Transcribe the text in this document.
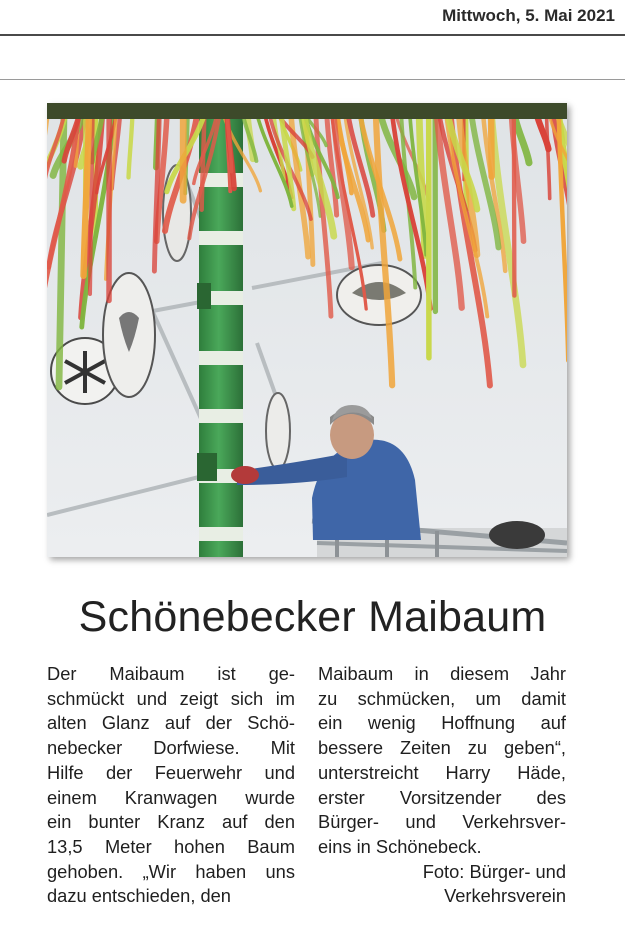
Mittwoch, 5. Mai 2021
Schönebecker Maibaum
Der Maibaum ist ge-
schmückt und zeigt sich im
alten Glanz auf der Schö-
nebecker Dorfwiese. Mit
Hilfe der Feuerwehr und
einem Kranwagen wurde
ein bunter Kranz auf den
13,5 Meter hohen Baum
gehoben. „Wir haben uns
dazu entschieden, den
Maibaum in diesem Jahr
zu schmücken, um damit
ein wenig Hoffnung auf
bessere Zeiten zu geben“,
unterstreicht Harry Häde,
erster Vorsitzender des
Bürger- und Verkehrsver-
eins in Schönebeck.
Foto: Bürger- und
Verkehrsverein
